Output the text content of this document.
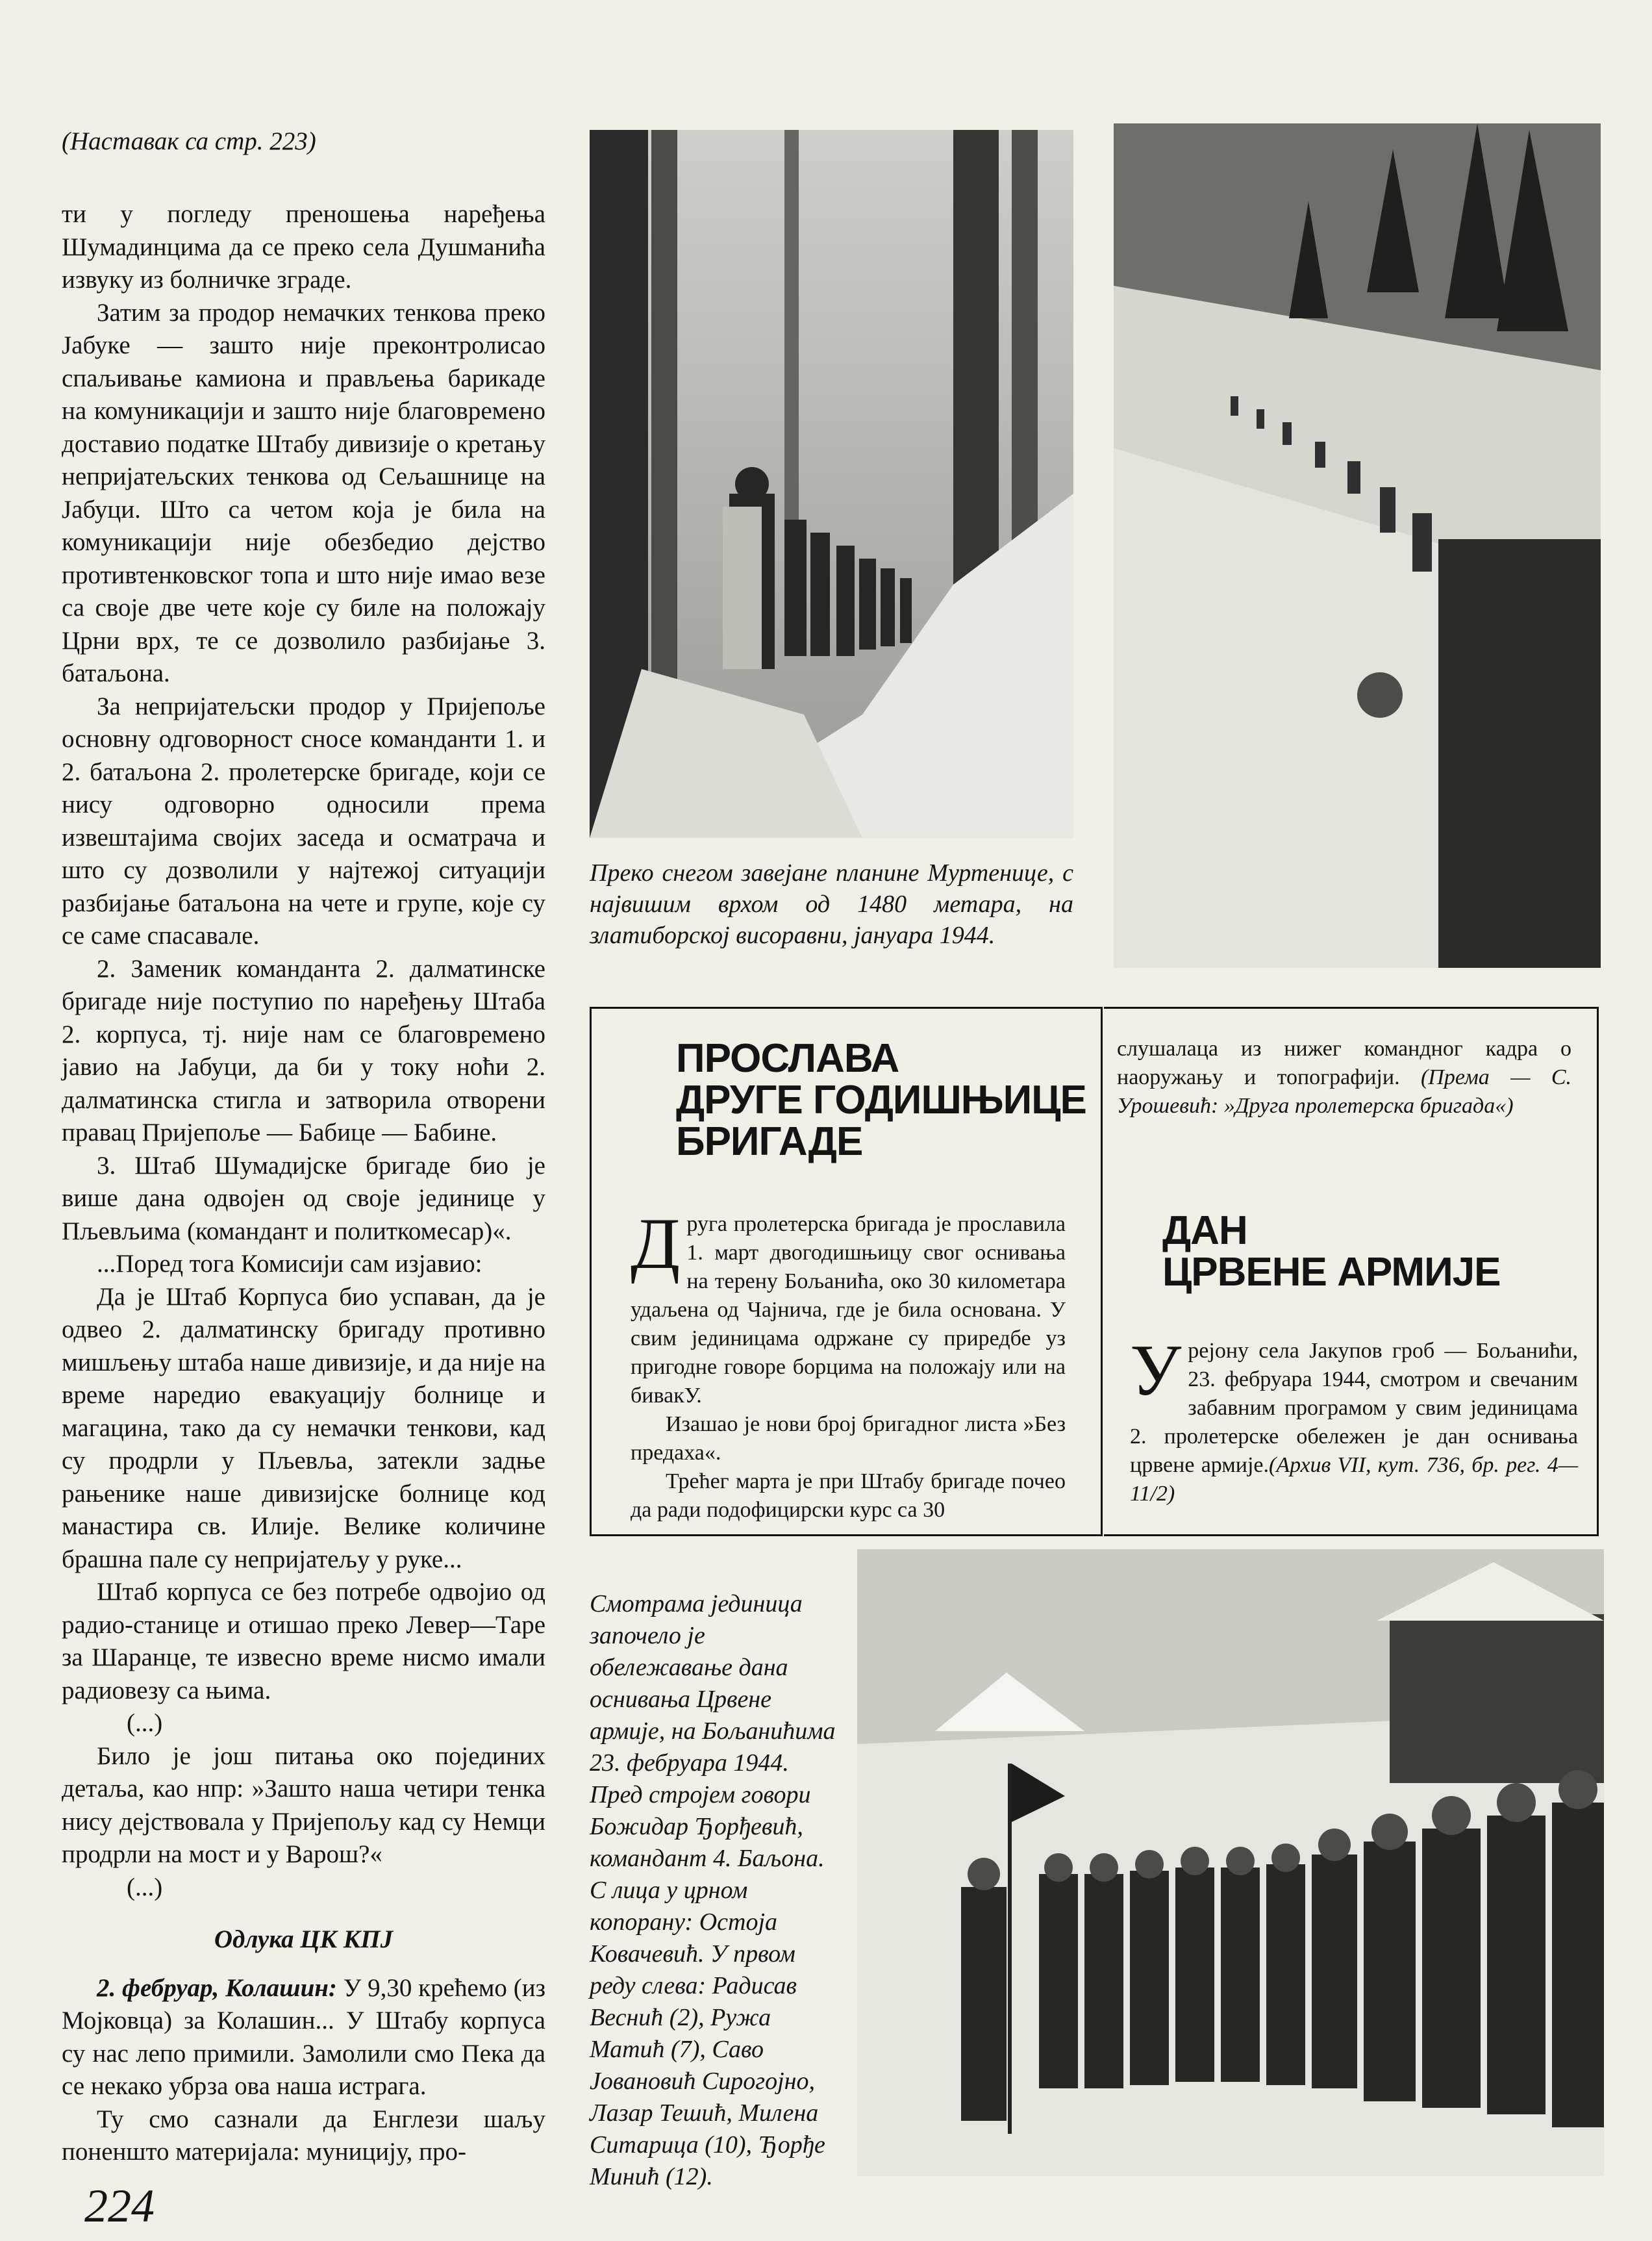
(Наставак са стр. 223)

ти у погледу преношења наређења Шумадинцима да се преко села Душманића извуку из болничке зграде.

Затим за продор немачких тенкова преко Јабуке — зашто није преконтролисао спаљивање камиона и прављења барикаде на комуникацији и зашто није благовремено доставио податке Штабу дивизије о кретању непријатељских тенкова од Сељашнице на Јабуци. Што са четом која је била на комуникацији није обезбедио дејство противтенковског топа и што није имао везе са своје две чете које су биле на положају Црни врх, те се дозволило разбијање 3. батаљона.

За непријатељски продор у Пријепоље основну одговорност сносе команданти 1. и 2. батаљона 2. пролетерске бригаде, који се нису одговорно односили према извештајима својих заседа и осматрача и што су дозволили у најтежој ситуацији разбијање батаљона на чете и групе, које су се саме спасавале.

2. Заменик команданта 2. далматинске бригаде није поступио по наређењу Штаба 2. корпуса, тј. није нам се благовремено јавио на Јабуци, да би у току ноћи 2. далматинска стигла и затворила отворени правац Пријепоље — Бабице — Бабине.

3. Штаб Шумадијске бригаде био је више дана одвојен од своје јединице у Пљевљима (командант и политкомесар)«.

...Поред тога Комисији сам изјавио:

Да је Штаб Корпуса био успаван, да је одвео 2. далматинску бригаду противно мишљењу штаба наше дивизије, и да није на време наредио евакуацију болнице и магацина, тако да су немачки тенкови, кад су продрли у Пљевља, затекли задње рањенике наше дивизијске болнице код манастира св. Илије. Велике количине брашна пале су непријатељу у руке...

Штаб корпуса се без потребе одвојио од радио-станице и отишао преко Левер—Таре за Шаранце, те извесно време нисмо имали радиовезу са њима.

(...)

Било је још питања око појединих детаља, као нпр: »Зашто наша четири тенка нису дејствовала у Пријепољу кад су Немци продрли на мост и у Варош?«

(...)

Одлука ЦК КПЈ

2. фебруар, Колашин: У 9,30 крећемо (из Мојковца) за Колашин... У Штабу корпуса су нас лепо примили. Замолили смо Пека да се некако убрза ова наша истрага.

Ту смо сазнали да Енглези шаљу поненшто материјала: муницију, про-

Преко снегом завејане планине Муртенице, с највишим врхом од 1480 метара, на златиборској висоравни, јануара 1944.
ПРОСЛАВА
ДРУГЕ ГОДИШЊИЦЕ
БРИГАДЕ

Друга пролетерска бригада је прославила 1. март двогодишњицу свог оснивања на терену Бољанића, око 30 километара удаљена од Чајнича, где је била основана. У свим јединицама одржане су приредбе уз пригодне говоре борцима на положају или на бивакУ.

Изашао је нови број бригадног листа »Без предаха«.

Трећег марта је при Штабу бригаде почео да ради подофицирски курс са 30

слушалаца из нижег командног кадра о наоружању и топографији. (Према — С. Урошевић: »Друга пролетерска бригада«)
ДАН
ЦРВЕНЕ АРМИЈЕ

У рејону села Јакупов гроб — Бољанићи, 23. фебруара 1944, смотром и свечаним забавним програмом у свим јединицама 2. пролетерске обележен је дан оснивања црвене армије.(Архив VII, кут. 736, бр. рег. 4—11/2)

Смотрама јединица започело је обележавање дана оснивања Црвене армије, на Бољанићима 23. фебруара 1944. Пред стројем говори Божидар Ђорђевић, командант 4. Баљона. С лица у црном копорану: Остоја Ковачевић. У првом реду слева: Радисав Веснић (2), Ружа Матић (7), Саво Јовановић Сирогојно, Лазар Тешић, Милена Ситарица (10), Ђорђе Минић (12).
224
